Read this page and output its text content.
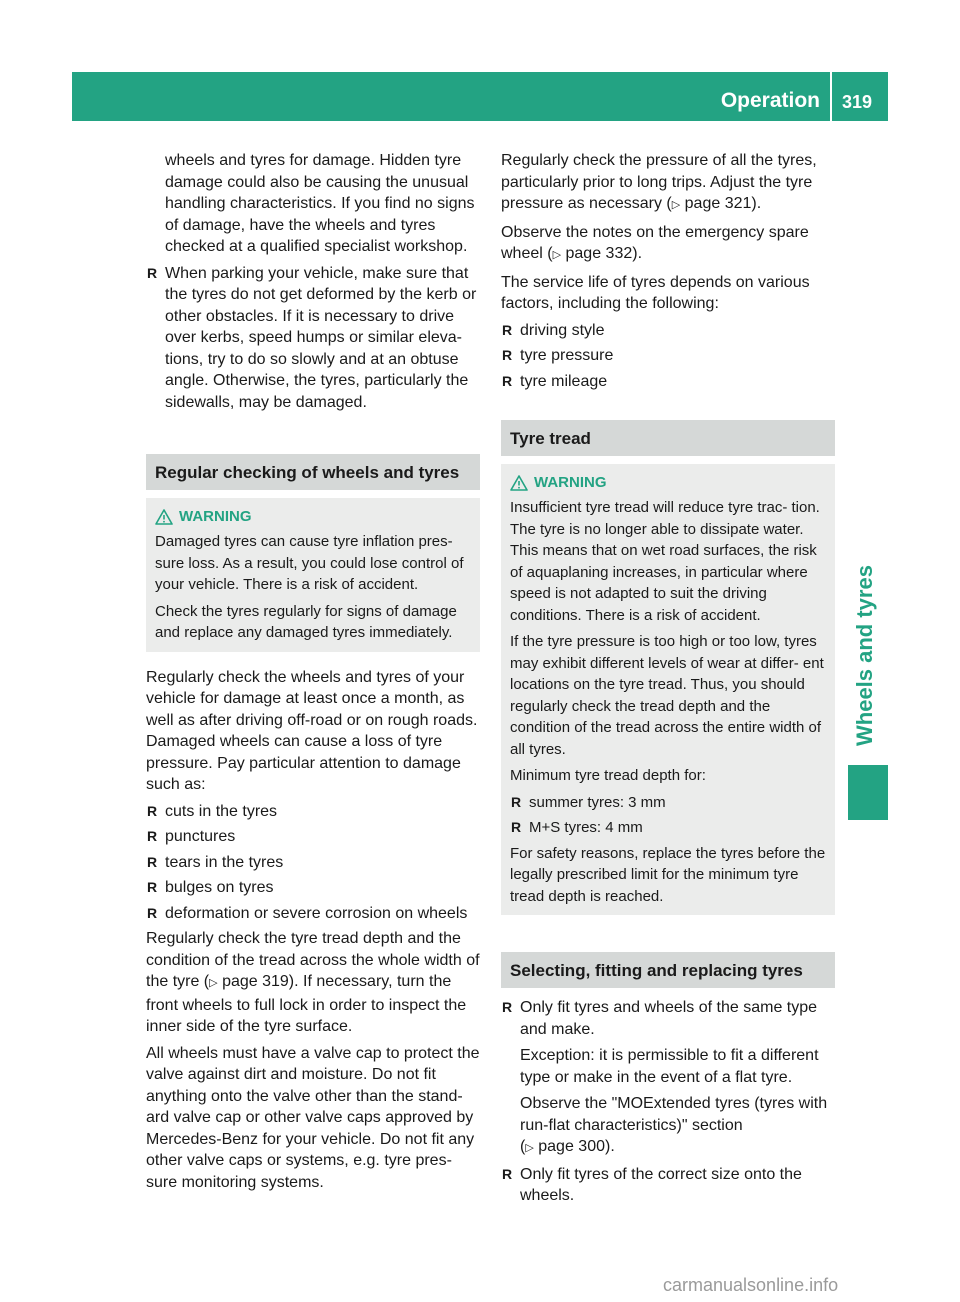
Operation	319
Wheels and tyres

wheels and tyres for damage. Hidden tyre damage could also be causing the unusual handling characteristics. If you find no signs of damage, have the wheels and tyres checked at a qualified specialist workshop.

R When parking your vehicle, make sure that the tyres do not get deformed by the kerb or other obstacles. If it is necessary to drive over kerbs, speed humps or similar eleva- tions, try to do so slowly and at an obtuse angle. Otherwise, the tyres, particularly the sidewalls, may be damaged.
Regular checking of wheels and tyres
WARNING

Damaged tyres can cause tyre inflation pres- sure loss. As a result, you could lose control of your vehicle. There is a risk of accident.

Check the tyres regularly for signs of damage and replace any damaged tyres immediately.

Regularly check the wheels and tyres of your vehicle for damage at least once a month, as well as after driving off-road or on rough roads. Damaged wheels can cause a loss of tyre pressure. Pay particular attention to damage such as:

R cuts in the tyres
R punctures
R tears in the tyres
R bulges on tyres
R deformation or severe corrosion on wheels

Regularly check the tyre tread depth and the condition of the tread across the whole width of the tyre (▷ page 319). If necessary, turn the front wheels to full lock in order to inspect the inner side of the tyre surface.

All wheels must have a valve cap to protect the valve against dirt and moisture. Do not fit anything onto the valve other than the stand- ard valve cap or other valve caps approved by Mercedes-Benz for your vehicle. Do not fit any other valve caps or systems, e.g. tyre pres- sure monitoring systems.

Regularly check the pressure of all the tyres, particularly prior to long trips. Adjust the tyre pressure as necessary (▷ page 321).

Observe the notes on the emergency spare wheel (▷ page 332).

The service life of tyres depends on various factors, including the following:

R driving style
R tyre pressure
R tyre mileage
Tyre tread
WARNING

Insufficient tyre tread will reduce tyre trac- tion. The tyre is no longer able to dissipate water. This means that on wet road surfaces, the risk of aquaplaning increases, in particular where speed is not adapted to suit the driving conditions. There is a risk of accident.

If the tyre pressure is too high or too low, tyres may exhibit different levels of wear at differ- ent locations on the tyre tread. Thus, you should regularly check the tread depth and the condition of the tread across the entire width of all tyres.

Minimum tyre tread depth for:

R summer tyres: 3 mm
R M+S tyres: 4 mm

For safety reasons, replace the tyres before the legally prescribed limit for the minimum tyre tread depth is reached.

Selecting, fitting and replacing tyres
R Only fit tyres and wheels of the same type and make.

Exception: it is permissible to fit a different type or make in the event of a flat tyre.

Observe the "MOExtended tyres (tyres with run-flat characteristics)" section
(▷ page 300).

R Only fit tyres of the correct size onto the wheels.
carmanualsonline.info
